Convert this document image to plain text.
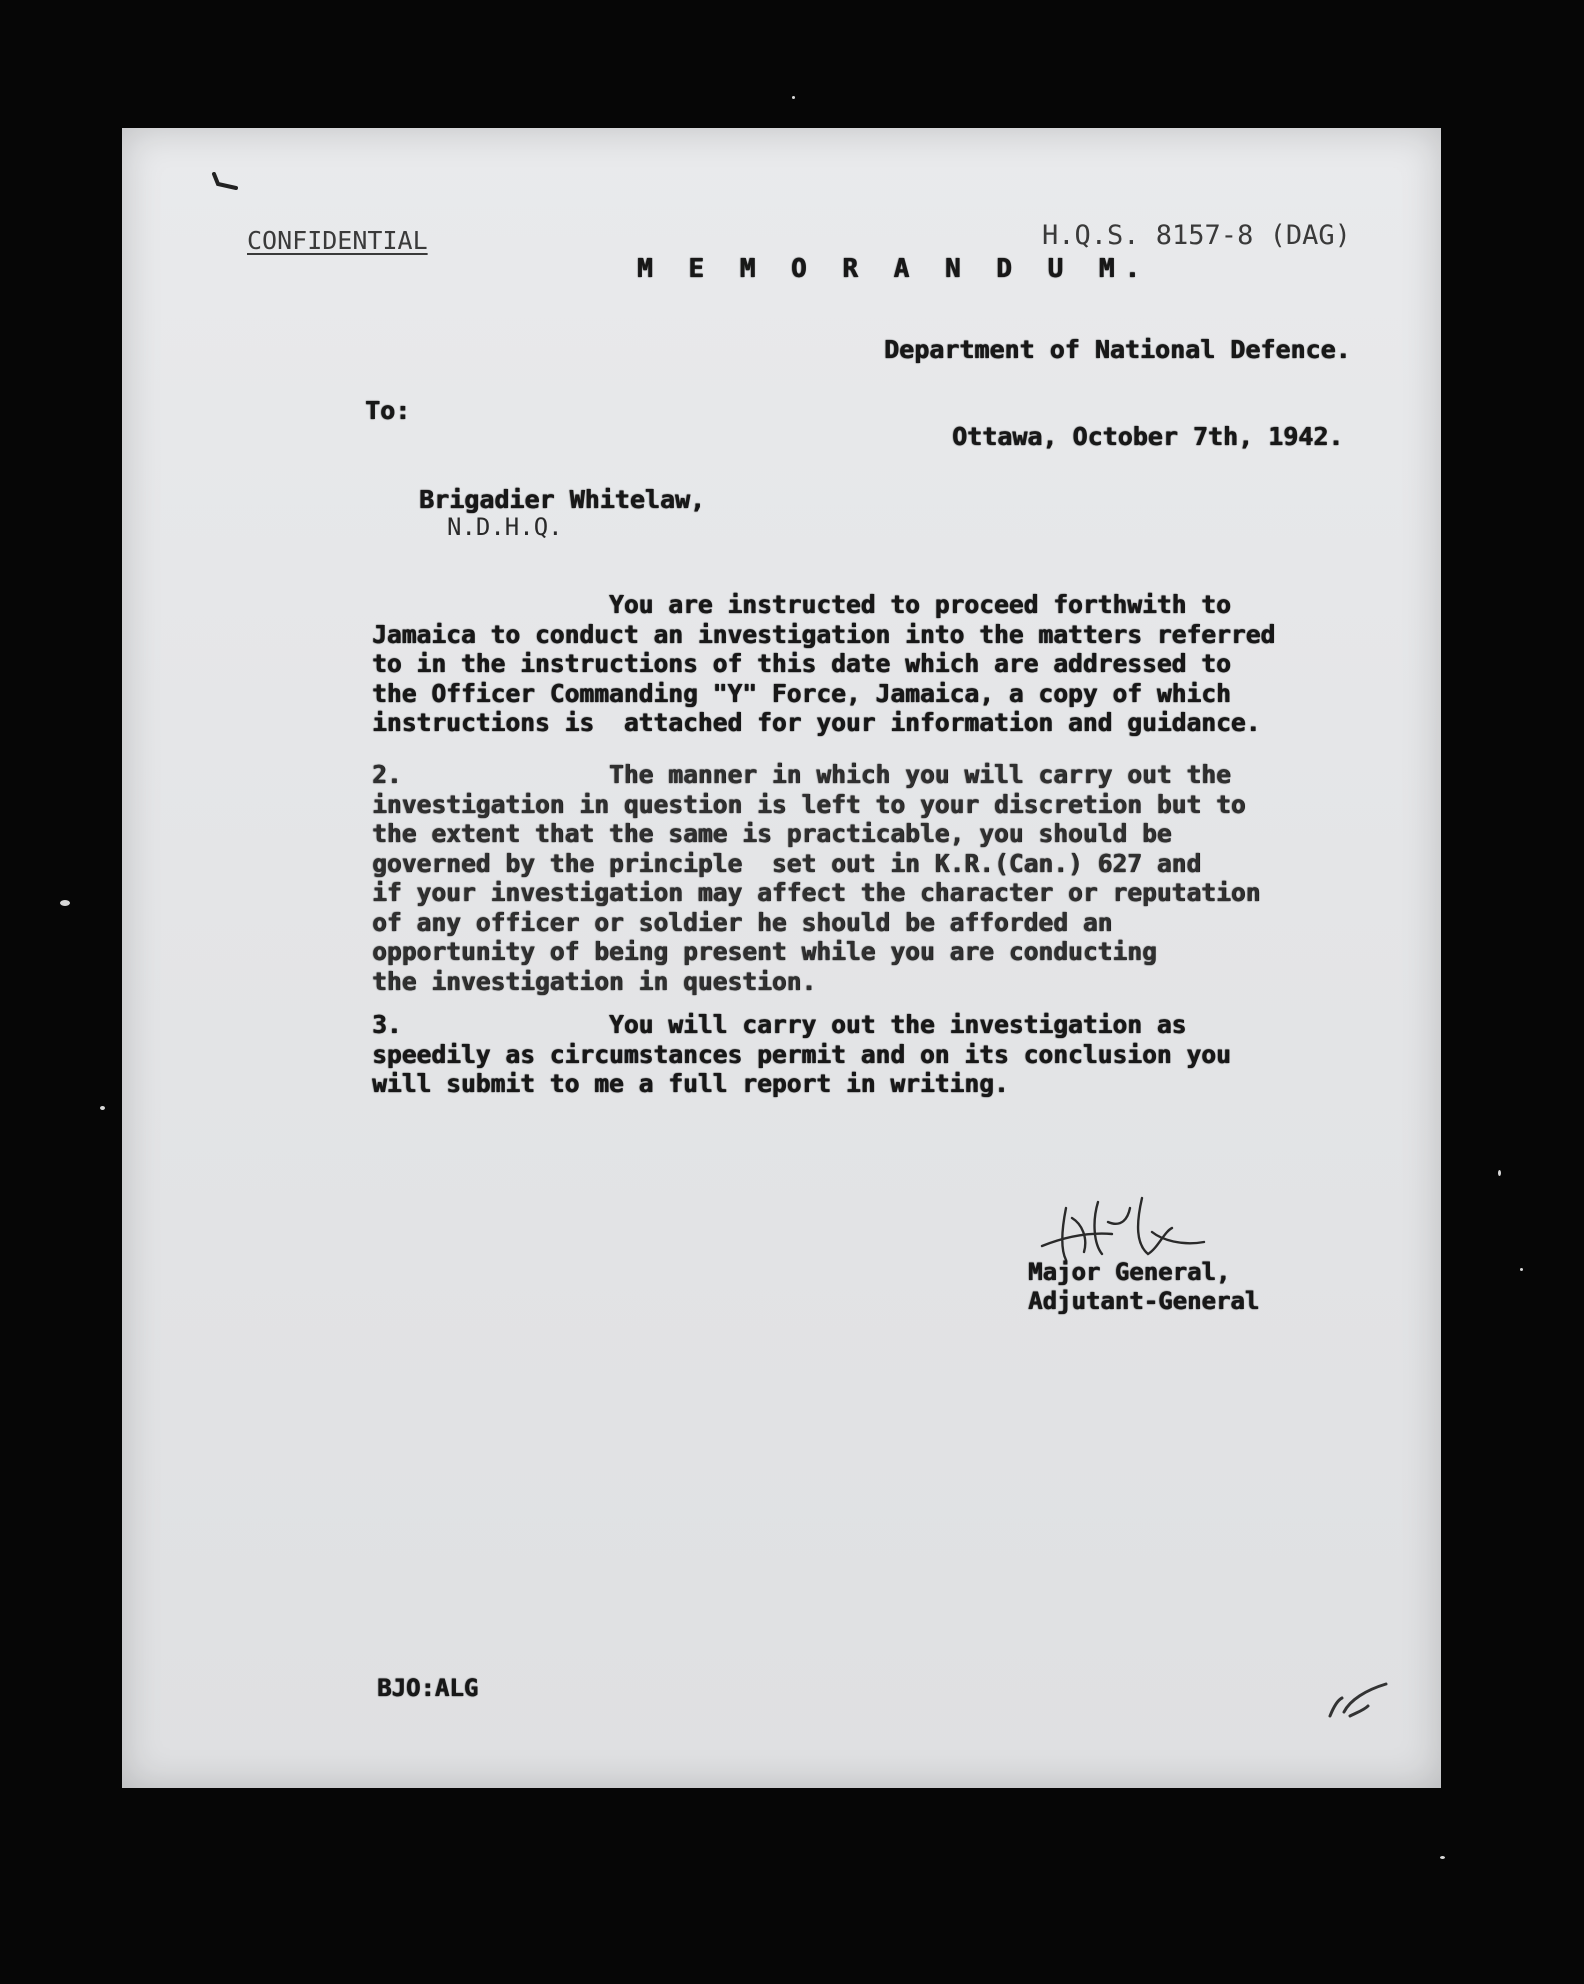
CONFIDENTIAL	H.Q.S. 8157-8 (DAG)

M E M O R A N D U M.

Department of National Defence.

To:

Ottawa, October 7th, 1942.

Brigadier Whitelaw,

N.D.H.Q.

You are instructed to proceed forthwith to
Jamaica to conduct an investigation into the matters referred
to in the instructions of this date which are addressed to
the Officer Commanding "Y" Force, Jamaica, a copy of which
instructions is  attached for your information and guidance.
2.              The manner in which you will carry out the
investigation in question is left to your discretion but to
the extent that the same is practicable, you should be
governed by the principle  set out in K.R.(Can.) 627 and
if your investigation may affect the character or reputation
of any officer or soldier he should be afforded an
opportunity of being present while you are conducting
the investigation in question.
3.              You will carry out the investigation as
speedily as circumstances permit and on its conclusion you
will submit to me a full report in writing.
Major General,
Adjutant-General

BJO:ALG
